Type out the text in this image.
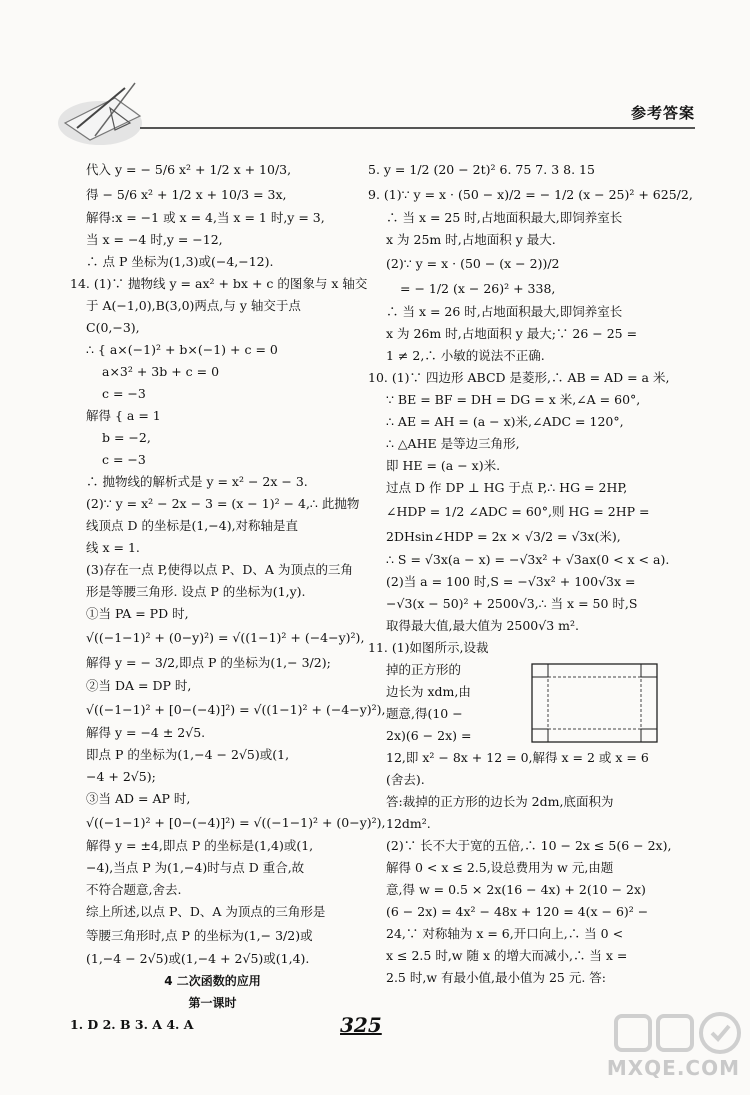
参考答案
代入 y = − 5/6 x² + 1/2 x + 10/3,
得 − 5/6 x² + 1/2 x + 10/3 = 3x,
解得:x = −1 或 x = 4,当 x = 1 时,y = 3,
当 x = −4 时,y = −12,
∴ 点 P 坐标为(1,3)或(−4,−12).
14. (1)∵ 抛物线 y = ax² + bx + c 的图象与 x 轴交
于 A(−1,0),B(3,0)两点,与 y 轴交于点
C(0,−3),
∴ { a×(−1)² + b×(−1) + c = 0
a×3² + 3b + c = 0
c = −3
解得 { a = 1
b = −2,
c = −3
∴ 抛物线的解析式是 y = x² − 2x − 3.
(2)∵ y = x² − 2x − 3 = (x − 1)² − 4,∴ 此抛物
线顶点 D 的坐标是(1,−4),对称轴是直
线 x = 1.
(3)存在一点 P,使得以点 P、D、A 为顶点的三角
形是等腰三角形. 设点 P 的坐标为(1,y).
①当 PA = PD 时,
√((−1−1)² + (0−y)²) = √((1−1)² + (−4−y)²),
解得 y = − 3/2,即点 P 的坐标为(1,− 3/2);
②当 DA = DP 时,
√((−1−1)² + [0−(−4)]²) = √((1−1)² + (−4−y)²),
解得 y = −4 ± 2√5.
即点 P 的坐标为(1,−4 − 2√5)或(1,
−4 + 2√5);
③当 AD = AP 时,
√((−1−1)² + [0−(−4)]²) = √((−1−1)² + (0−y)²),
解得 y = ±4,即点 P 的坐标是(1,4)或(1,
−4),当点 P 为(1,−4)时与点 D 重合,故
不符合题意,舍去.
综上所述,以点 P、D、A 为顶点的三角形是
等腰三角形时,点 P 的坐标为(1,− 3/2)或
(1,−4 − 2√5)或(1,−4 + 2√5)或(1,4).
4 二次函数的应用
第一课时
1. D 2. B 3. A 4. A
5. y = 1/2 (20 − 2t)² 6. 75 7. 3 8. 15
9. (1)∵ y = x · (50 − x)/2 = − 1/2 (x − 25)² + 625/2,
∴ 当 x = 25 时,占地面积最大,即饲养室长
x 为 25m 时,占地面积 y 最大.
(2)∵ y = x · (50 − (x − 2))/2
= − 1/2 (x − 26)² + 338,
∴ 当 x = 26 时,占地面积最大,即饲养室长
x 为 26m 时,占地面积 y 最大;∵ 26 − 25 =
1 ≠ 2,∴ 小敏的说法不正确.
10. (1)∵ 四边形 ABCD 是菱形,∴ AB = AD = a 米,
∵ BE = BF = DH = DG = x 米,∠A = 60°,
∴ AE = AH = (a − x)米,∠ADC = 120°,
∴ △AHE 是等边三角形,
即 HE = (a − x)米.
过点 D 作 DP ⊥ HG 于点 P,∴ HG = 2HP,
∠HDP = 1/2 ∠ADC = 60°,则 HG = 2HP =
2DHsin∠HDP = 2x × √3/2 = √3x(米),
∴ S = √3x(a − x) = −√3x² + √3ax(0 < x < a).
(2)当 a = 100 时,S = −√3x² + 100√3x =
−√3(x − 50)² + 2500√3,∴ 当 x = 50 时,S
取得最大值,最大值为 2500√3 m².
11. (1)如图所示,设裁
掉的正方形的
边长为 xdm,由
题意,得(10 −
2x)(6 − 2x) =
12,即 x² − 8x + 12 = 0,解得 x = 2 或 x = 6
(舍去).
答:裁掉的正方形的边长为 2dm,底面积为
12dm².
(2)∵ 长不大于宽的五倍,∴ 10 − 2x ≤ 5(6 − 2x),
解得 0 < x ≤ 2.5,设总费用为 w 元,由题
意,得 w = 0.5 × 2x(16 − 4x) + 2(10 − 2x)
(6 − 2x) = 4x² − 48x + 120 = 4(x − 6)² −
24,∵ 对称轴为 x = 6,开口向上,∴ 当 0 <
x ≤ 2.5 时,w 随 x 的增大而减小,∴ 当 x =
2.5 时,w 有最小值,最小值为 25 元. 答:
325
MXQE.COM
